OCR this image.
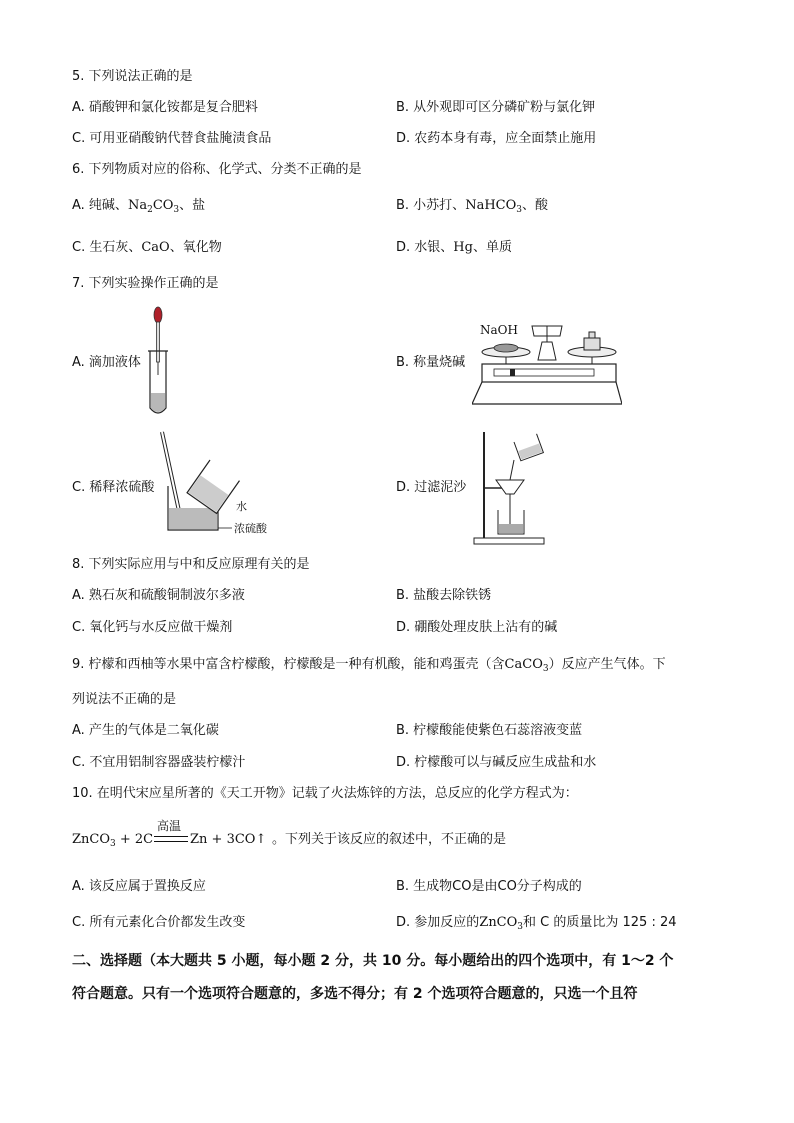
5. 下列说法正确的是
A. 硝酸钾和氯化铵都是复合肥料	B. 从外观即可区分磷矿粉与氯化钾
C. 可用亚硝酸钠代替食盐腌渍食品	D. 农药本身有毒，应全面禁止施用
6. 下列物质对应的俗称、化学式、分类不正确的是
A. 纯碱、$Na_2CO_3$、盐	B. 小苏打、NaHCO$_3$、酸
C. 生石灰、CaO、氧化物	D. 水银、Hg、单质
7. 下列实验操作正确的是
A. 滴加液体	B. 称量烧碱
C. 稀释浓硫酸	D. 过滤泥沙
NaOH
水
浓硫酸
8. 下列实际应用与中和反应原理有关的是
A. 熟石灰和硫酸铜制波尔多液	B. 盐酸去除铁锈
C. 氧化钙与水反应做干燥剂	D. 硼酸处理皮肤上沾有的碱
9. 柠檬和西柚等水果中富含柠檬酸，柠檬酸是一种有机酸，能和鸡蛋壳（含CaCO$_3$）反应产生气体。下
列说法不正确的是
A. 产生的气体是二氧化碳	B. 柠檬酸能使紫色石蕊溶液变蓝
C. 不宜用铝制容器盛装柠檬汁	D. 柠檬酸可以与碱反应生成盐和水
10. 在明代宋应星所著的《天工开物》记载了火法炼锌的方法，总反应的化学方程式为：
ZnCO$_3$ + 2C
高温
Zn + 3CO↑ 。下列关于该反应的叙述中，不正确的是
A. 该反应属于置换反应	B. 生成物CO是由CO分子构成的
C. 所有元素化合价都发生改变	D. 参加反应的ZnCO$_3$和 C 的质量比为 125 : 24
二、选择题（本大题共 5 小题，每小题 2 分，共 10 分。每小题给出的四个选项中，有 1～2 个
符合题意。只有一个选项符合题意的，多选不得分；有 2 个选项符合题意的，只选一个且符
